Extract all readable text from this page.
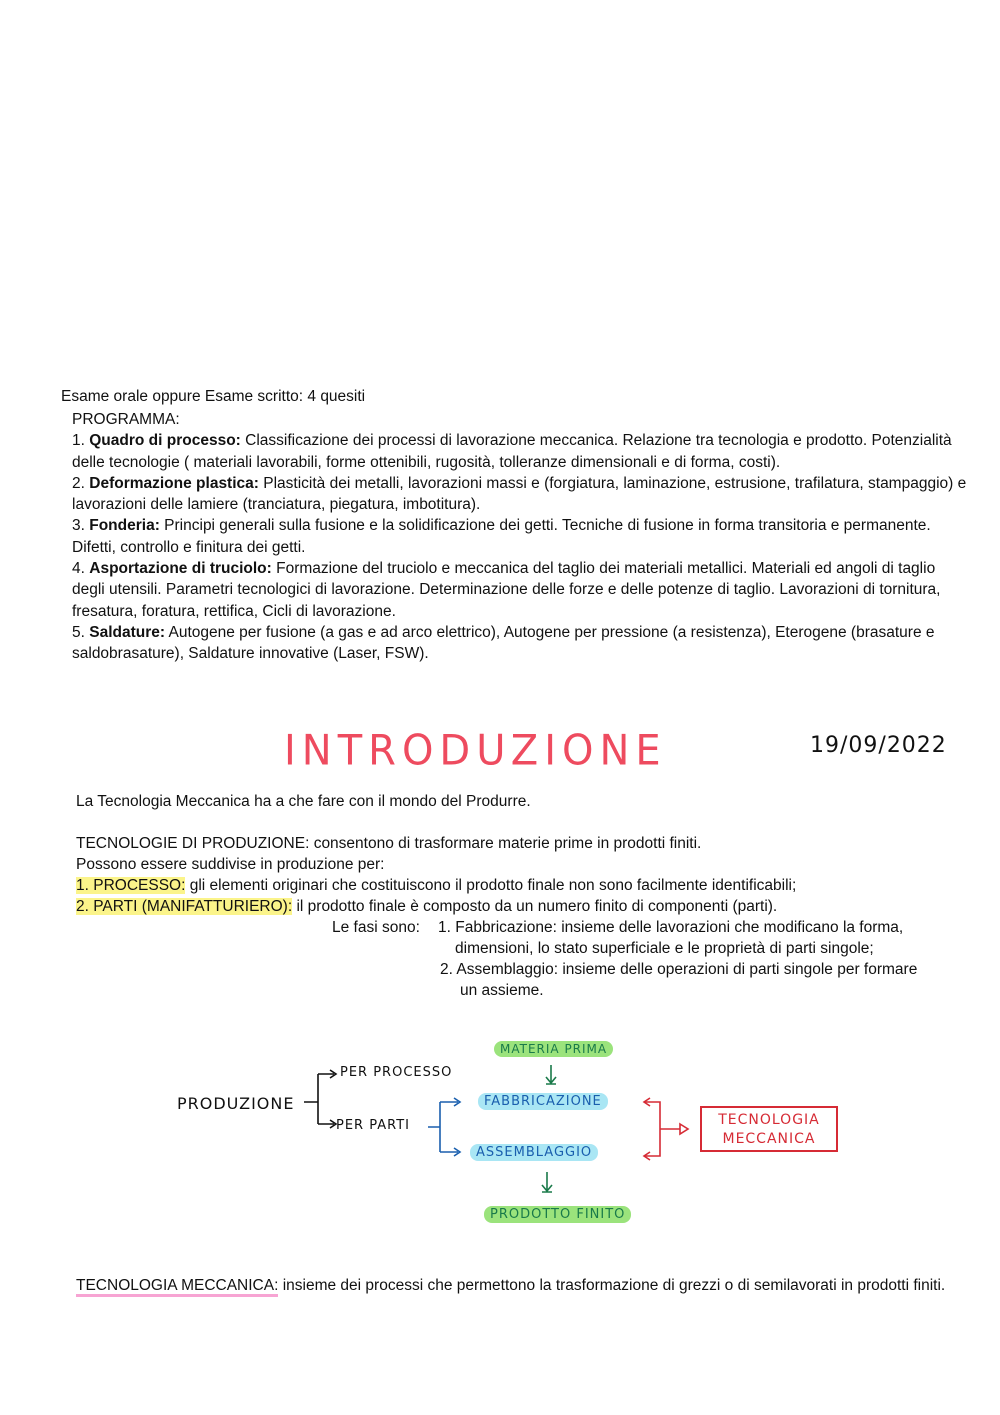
Esame orale oppure Esame scritto: 4 quesiti

PROGRAMMA:

1. Quadro di processo: Classificazione dei processi di lavorazione meccanica. Relazione tra tecnologia e prodotto. Potenzialità delle tecnologie ( materiali lavorabili, forme ottenibili, rugosità, tolleranze dimensionali e di forma, costi).

2. Deformazione plastica: Plasticità dei metalli, lavorazioni massi e (forgiatura, laminazione, estrusione, trafilatura, stampaggio) e lavorazioni delle lamiere (tranciatura, piegatura, imbotitura).

3. Fonderia: Principi generali sulla fusione e la solidificazione dei getti. Tecniche di fusione in forma transitoria e permanente. Difetti, controllo e finitura dei getti.

4. Asportazione di truciolo: Formazione del truciolo e meccanica del taglio dei materiali metallici. Materiali ed angoli di taglio degli utensili. Parametri tecnologici di lavorazione. Determinazione delle forze e delle potenze di taglio. Lavorazioni di tornitura, fresatura, foratura, rettifica, Cicli di lavorazione.

5. Saldature: Autogene per fusione (a gas e ad arco elettrico), Autogene per pressione (a resistenza), Eterogene (brasature e saldobrasature), Saldature innovative (Laser, FSW).

INTRODUZIONE	19/09/2022
La Tecnologia Meccanica ha a che fare con il mondo del Produrre.
TECNOLOGIE DI PRODUZIONE: consentono di trasformare materie prime in prodotti finiti.
Possono essere suddivise in produzione per:
1. PROCESSO: gli elementi originari che costituiscono il prodotto finale non sono facilmente identificabili;
2. PARTI (MANIFATTURIERO): il prodotto finale è composto da un numero finito di componenti (parti).
Le fasi sono: 1. Fabbricazione: insieme delle lavorazioni che modificano la forma,
dimensioni, lo stato superficiale e le proprietà di parti singole;
2. Assemblaggio: insieme delle operazioni di parti singole per formare
un assieme.
PRODUZIONE
PER PROCESSO
PER PARTI
MATERIA PRIMA
FABBRICAZIONE
ASSEMBLAGGIO
PRODOTTO FINITO
TECNOLOGIA
MECCANICA
TECNOLOGIA MECCANICA: insieme dei processi che permettono la trasformazione di grezzi o di semilavorati in prodotti finiti.
